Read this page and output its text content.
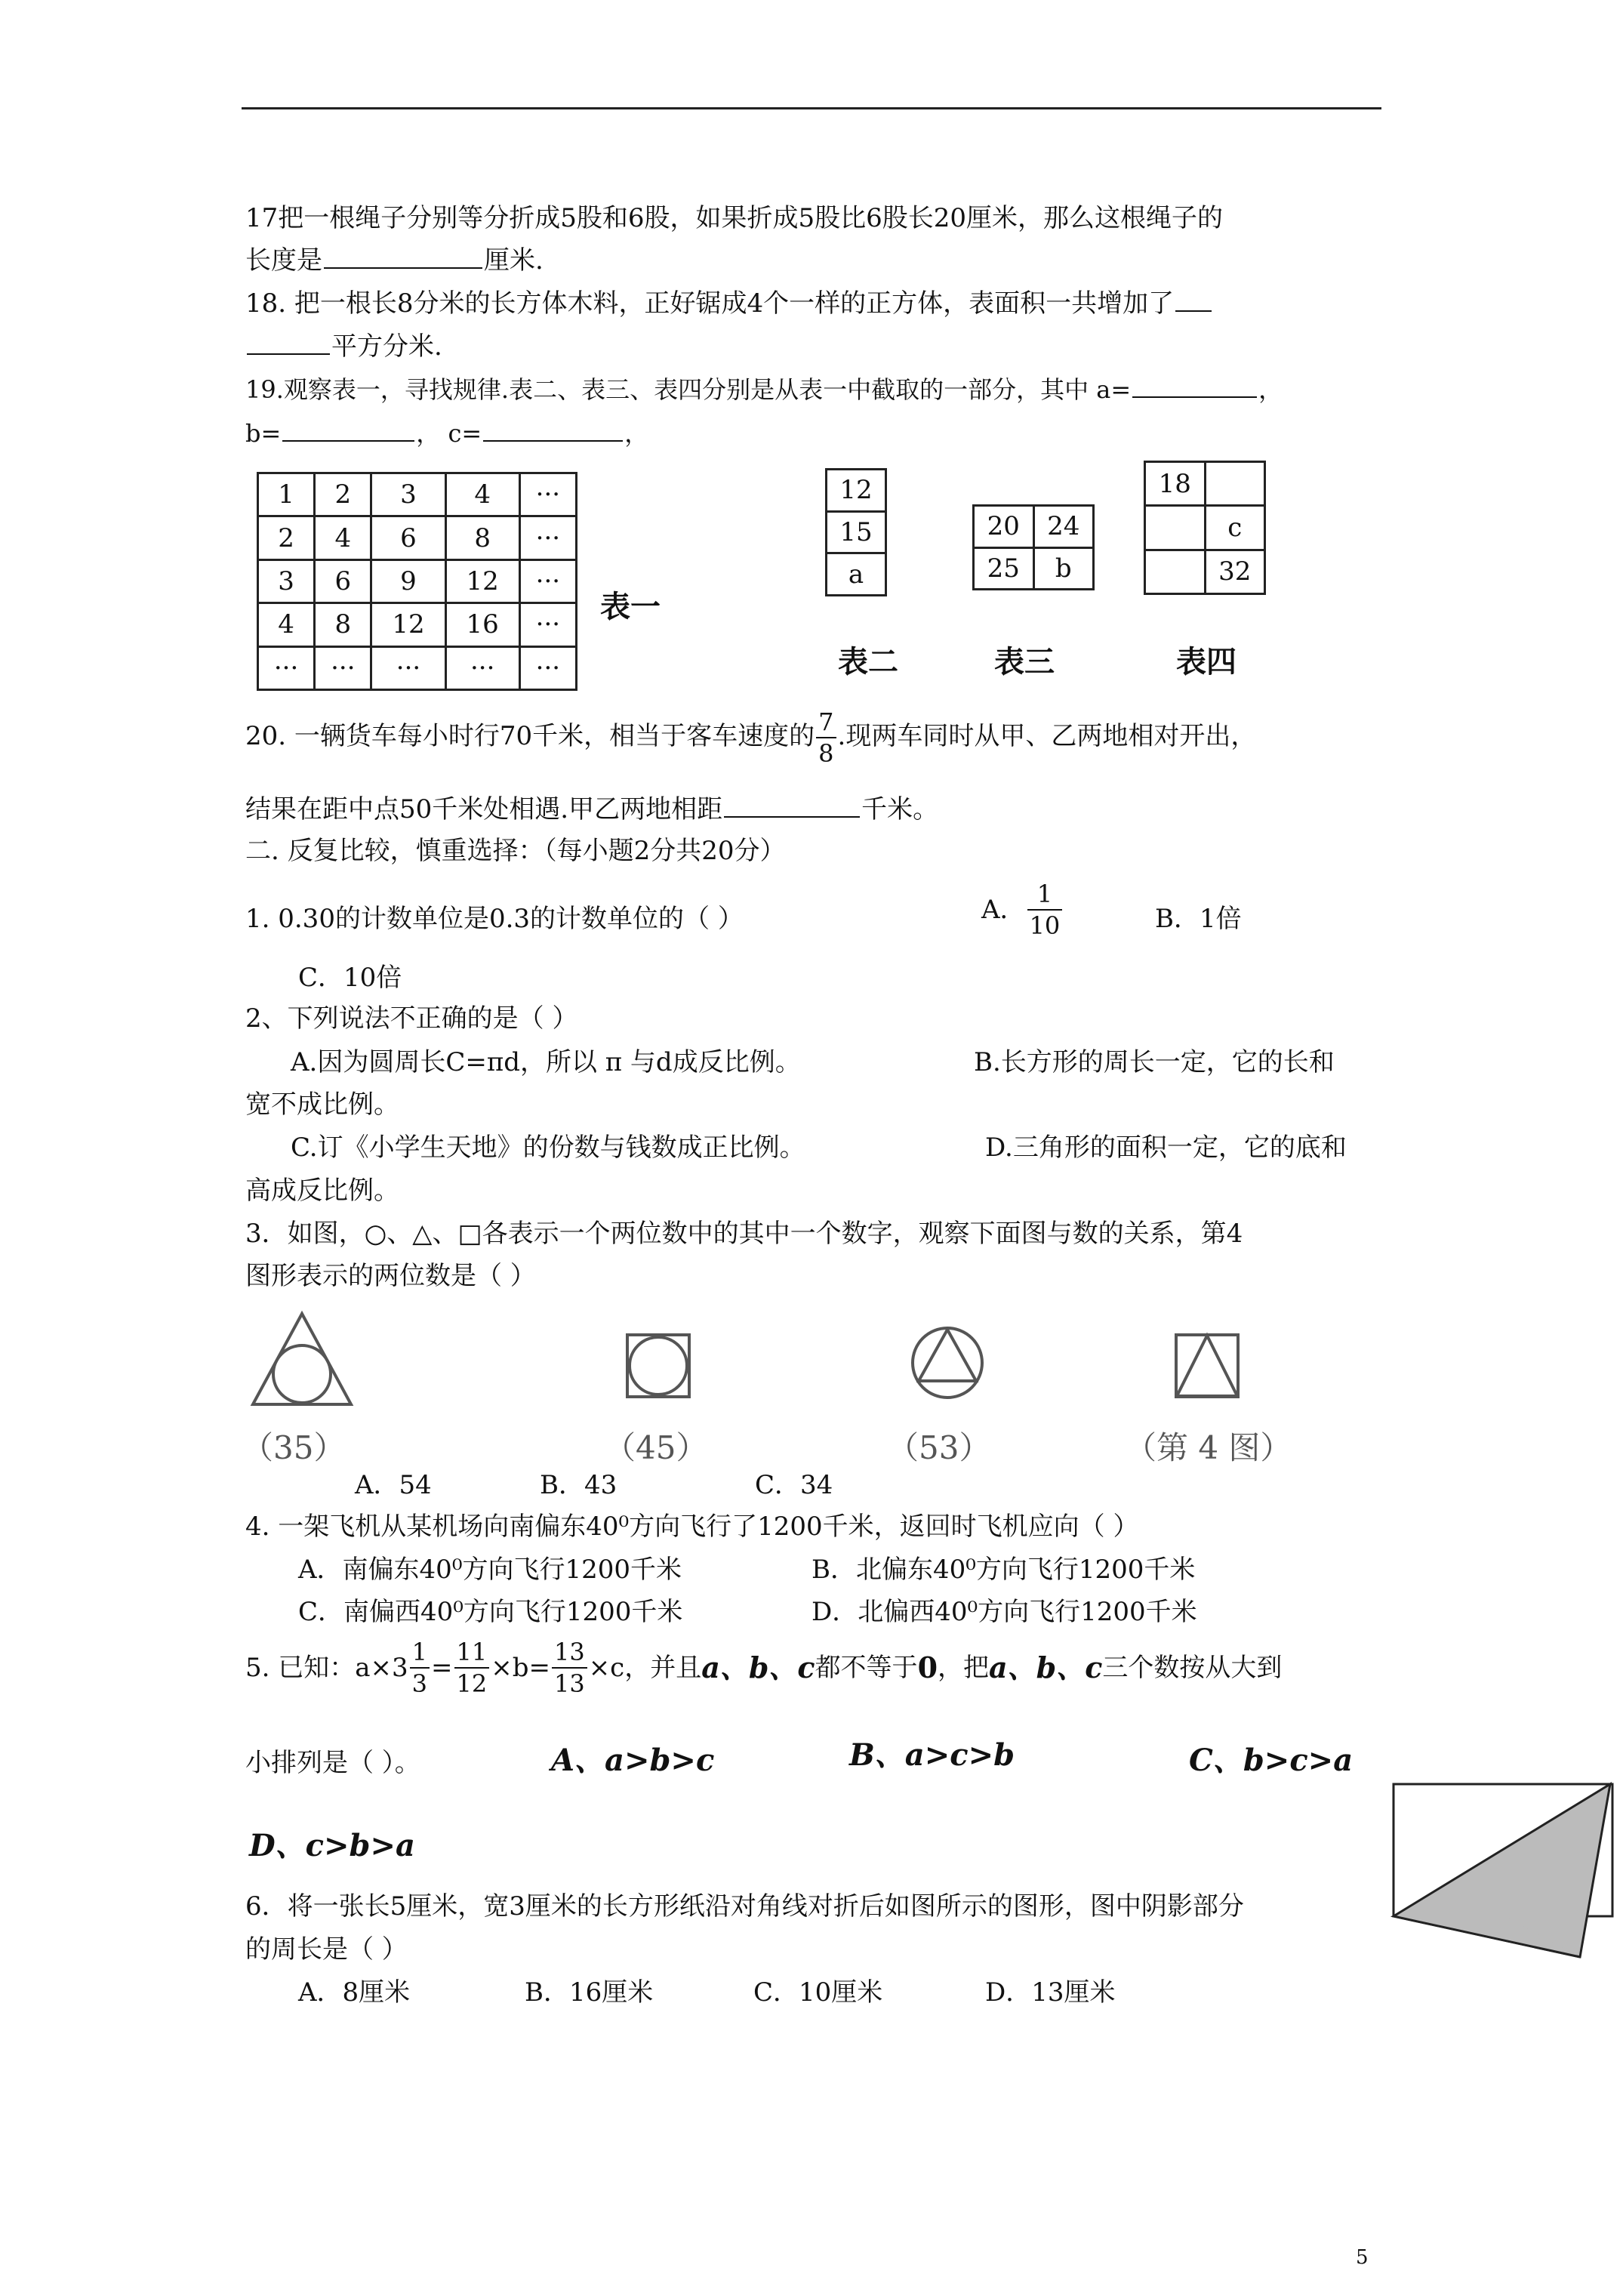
17把一根绳子分别等分折成5股和6股，如果折成5股比6股长20厘米，那么这根绳子的
长度是	厘米.
18. 把一根长8分米的长方体木料，正好锯成4个一样的正方体，表面积一共增加了
平方分米.
19.观察表一，寻找规律.表二、表三、表四分别是从表一中截取的一部分，其中 a=	，
b=	， c=	，
1	2	3	4	···
2	4	6	8	···
3	6	9	12	···
4	8	12	16	···
···	···	···	···	···
表一
12
15
a
表二
20	24
25	b
表三
18	
	c
	32
表四
20. 一辆货车每小时行70千米，相当于客车速度的 $\frac{7}{8}$ .现两车同时从甲、乙两地相对开出，
结果在距中点50千米处相遇.甲乙两地相距	千米。
二. 反复比较，慎重选择：（每小题2分共20分）
1. 0.30的计数单位是0.3的计数单位的（ ）	A． $\frac{1}{10}$	B．1倍
C．10倍
2、下列说法不正确的是（ ）
A.因为圆周长C=πd，所以 π 与d成反比例。	B.长方形的周长一定，它的长和
宽不成比例。
C.订《小学生天地》的份数与钱数成正比例。	D.三角形的面积一定，它的底和
高成反比例。
3．如图，○、△、□各表示一个两位数中的其中一个数字，观察下面图与数的关系，第4
图形表示的两位数是（ ）
（35）	（45）	（53）	（第 4 图）
A．54	B．43	C．34
4. 一架飞机从某机场向南偏东40⁰方向飞行了1200千米，返回时飞机应向（ ）
A．南偏东40⁰方向飞行1200千米	B．北偏东40⁰方向飞行1200千米
C．南偏西40⁰方向飞行1200千米	D．北偏西40⁰方向飞行1200千米
5. 已知：$a\times 3 \frac{1}{3} = \frac{11}{12} \times b= \frac{13}{13} \times c$，并且a、b、c都不等于0，把a、b、c三个数按从大到
小排列是（ ）。	A、a>b>c	B、a>c>b	C、b>c>a
D、c>b>a
6．将一张长5厘米，宽3厘米的长方形纸沿对角线对折后如图所示的图形，图中阴影部分
的周长是（ ）
A．8厘米	B．16厘米	C．10厘米	D．13厘米
5
